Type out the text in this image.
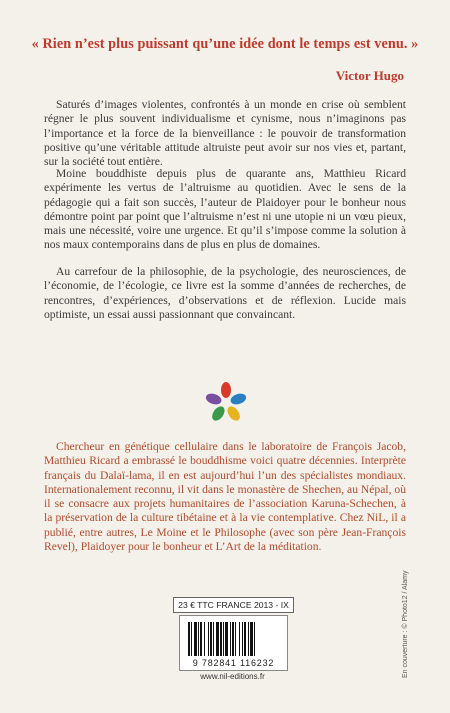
« Rien n’est plus puissant qu’une idée dont le temps est venu. »
Victor Hugo

Saturés d’images violentes, confrontés à un monde en crise où semblent régner le plus souvent individualisme et cynisme, nous n’imaginons pas l’importance et la force de la bienveillance : le pouvoir de transformation positive qu’une véritable attitude altruiste peut avoir sur nos vies et, partant, sur la société tout entière.

Moine bouddhiste depuis plus de quarante ans, Matthieu Ricard expérimente les vertus de l’altruisme au quotidien. Avec le sens de la pédagogie qui a fait son succès, l’auteur de Plaidoyer pour le bonheur nous démontre point par point que l’altruisme n’est ni une utopie ni un vœu pieux, mais une nécessité, voire une urgence. Et qu’il s’impose comme la solution à nos maux contemporains dans de plus en plus de domaines.

Au carrefour de la philosophie, de la psychologie, des neurosciences, de l’économie, de l’écologie, ce livre est la somme d’années de recherches, de rencontres, d’expériences, d’observations et de réflexion. Lucide mais optimiste, un essai aussi passionnant que convaincant.

Chercheur en génétique cellulaire dans le laboratoire de François Jacob, Matthieu Ricard a embrassé le bouddhisme voici quatre décennies. Interprète français du Dalaï-lama, il en est aujourd’hui l’un des spécialistes mondiaux. Internationalement reconnu, il vit dans le monastère de Shechen, au Népal, où il se consacre aux projets humanitaires de l’association Karuna-Schechen, à la préservation de la culture tibétaine et à la vie contemplative. Chez NiL, il a publié, entre autres, Le Moine et le Philosophe (avec son père Jean-François Revel), Plaidoyer pour le bonheur et L’Art de la méditation.

23 € TTC FRANCE 2013 - IX
9 782841 116232
www.nil-editions.fr	En couverture : © Photo12 / Alamy
